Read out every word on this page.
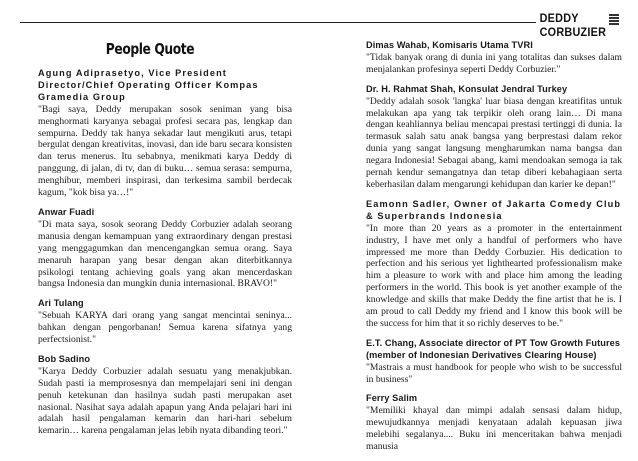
DEDDY CORBUZIER
People Quote
Agung Adiprasetyo, Vice President Director/Chief Operating Officer Kompas Gramedia Group
"Bagi saya, Deddy merupakan sosok seniman yang bisa menghormati karyanya sebagai profesi secara pas, lengkap dan sempurna. Deddy tak hanya sekadar laut mengikuti arus, tetapi bergulat dengan kreativitas, inovasi, dan ide baru secara konsisten dan terus menerus. Itu sebabnya, menikmati karya Deddy di panggung, di jalan, di tv, dan di buku… semua serasa: sempurna, menghibur, memberi inspirasi, dan terkesima sambil berdecak kagum, "kok bisa ya…!"
Anwar Fuadi
"Di mata saya, sosok seorang Deddy Corbuzier adalah seorang manusia dengan kemampuan yang extraordinary dengan prestasi yang menggagumkan dan mencengangkan semua orang. Saya menaruh harapan yang besar dengan akan diterbitkannya psikologi tentang achieving goals yang akan mencerdaskan bangsa Indonesia dan mungkin dunia internasional. BRAVO!"
Ari Tulang
"Sebuah KARYA dari orang yang sangat mencintai seninya... bahkan dengan pengorbanan! Semua karena sifatnya yang perfectsionist."
Bob Sadino
"Karya Deddy Corbuzier adalah sesuatu yang menakjubkan. Sudah pasti ia memprosesnya dan mempelajari seni ini dengan penuh ketekunan dan hasilnya sudah pasti merupakan aset nasional. Nasihat saya adalah apapun yang Anda pelajari hari ini adalah hasil pengalaman kemarin dan hari-hari sebelum kemarin… karena pengalaman jelas lebih nyata dibanding teori."
Dimas Wahab, Komisaris Utama TVRI
"Tidak banyak orang di dunia ini yang totalitas dan sukses dalam menjalankan profesinya seperti Deddy Corbuzier."
Dr. H. Rahmat Shah, Konsulat Jendral Turkey
"Deddy adalah sosok 'langka' luar biasa dengan kreatifitas untuk melakukan apa yang tak terpikir oleh orang lain… Di mana dengan keahliannya beliau mencapai prestasi tertinggi di dunia. Ia termasuk salah satu anak bangsa yang berprestasi dalam rekor dunia yang sangat langsung mengharumkan nama bangsa dan negara Indonesia! Sebagai abang, kami mendoakan semoga ia tak pernah kendur semangatnya dan tetap diberi kebahagiaan serta keberhasilan dalam mengarungi kehidupan dan karier ke depan!"
Eamonn Sadler, Owner of Jakarta Comedy Club & Superbrands Indonesia
"In more than 20 years as a promoter in the entertainment industry, I have met only a handful of performers who have impressed me more than Deddy Corbuzier. His dedication to perfection and his serious yet lighthearted professionalism make him a pleasure to work with and place him among the leading performers in the world. This book is yet another example of the knowledge and skills that make Deddy the fine artist that he is. I am proud to call Deddy my friend and I know this book will be the success for him that it so richly deserves to be."
E.T. Chang, Associate director of PT Tow Growth Futures (member of Indonesian Derivatives Clearing House)
"Mastrais a must handbook for people who wish to be successful in business"
Ferry Salim
"Memiliki khayal dan mimpi adalah sensasi dalam hidup, mewujudkannya menjadi kenyataan adalah kepuasan jiwa melebihi segalanya.... Buku ini menceritakan bahwa menjadi manusia
